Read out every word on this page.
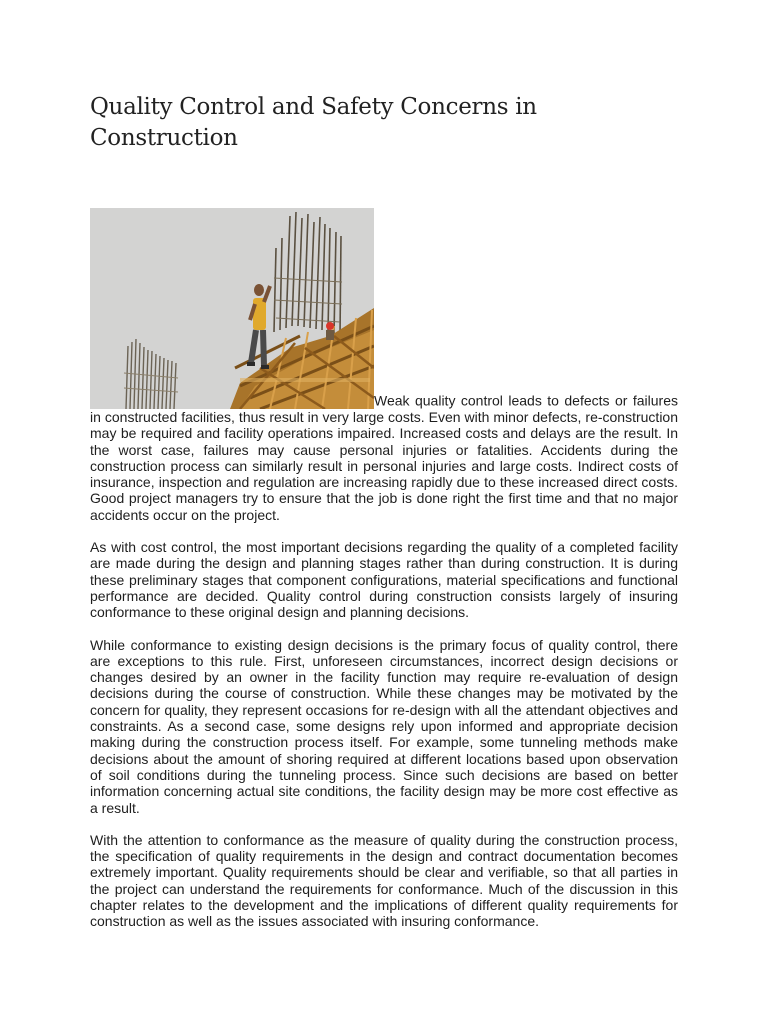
Quality Control and Safety Concerns in Construction

Weak quality control leads to defects or failures in constructed facilities, thus result in very large costs. Even with minor defects, re-construction may be required and facility operations impaired. Increased costs and delays are the result. In the worst case, failures may cause personal injuries or fatalities. Accidents during the construction process can similarly result in personal injuries and large costs. Indirect costs of insurance, inspection and regulation are increasing rapidly due to these increased direct costs. Good project managers try to ensure that the job is done right the first time and that no major accidents occur on the project.

As with cost control, the most important decisions regarding the quality of a completed facility are made during the design and planning stages rather than during construction. It is during these preliminary stages that component configurations, material specifications and functional performance are decided. Quality control during construction consists largely of insuring conformance to these original design and planning decisions.

While conformance to existing design decisions is the primary focus of quality control, there are exceptions to this rule. First, unforeseen circumstances, incorrect design decisions or changes desired by an owner in the facility function may require re-evaluation of design decisions during the course of construction. While these changes may be motivated by the concern for quality, they represent occasions for re-design with all the attendant objectives and constraints. As a second case, some designs rely upon informed and appropriate decision making during the construction process itself. For example, some tunneling methods make decisions about the amount of shoring required at different locations based upon observation of soil conditions during the tunneling process. Since such decisions are based on better information concerning actual site conditions, the facility design may be more cost effective as a result.

With the attention to conformance as the measure of quality during the construction process, the specification of quality requirements in the design and contract documentation becomes extremely important. Quality requirements should be clear and verifiable, so that all parties in the project can understand the requirements for conformance. Much of the discussion in this chapter relates to the development and the implications of different quality requirements for construction as well as the issues associated with insuring conformance.
